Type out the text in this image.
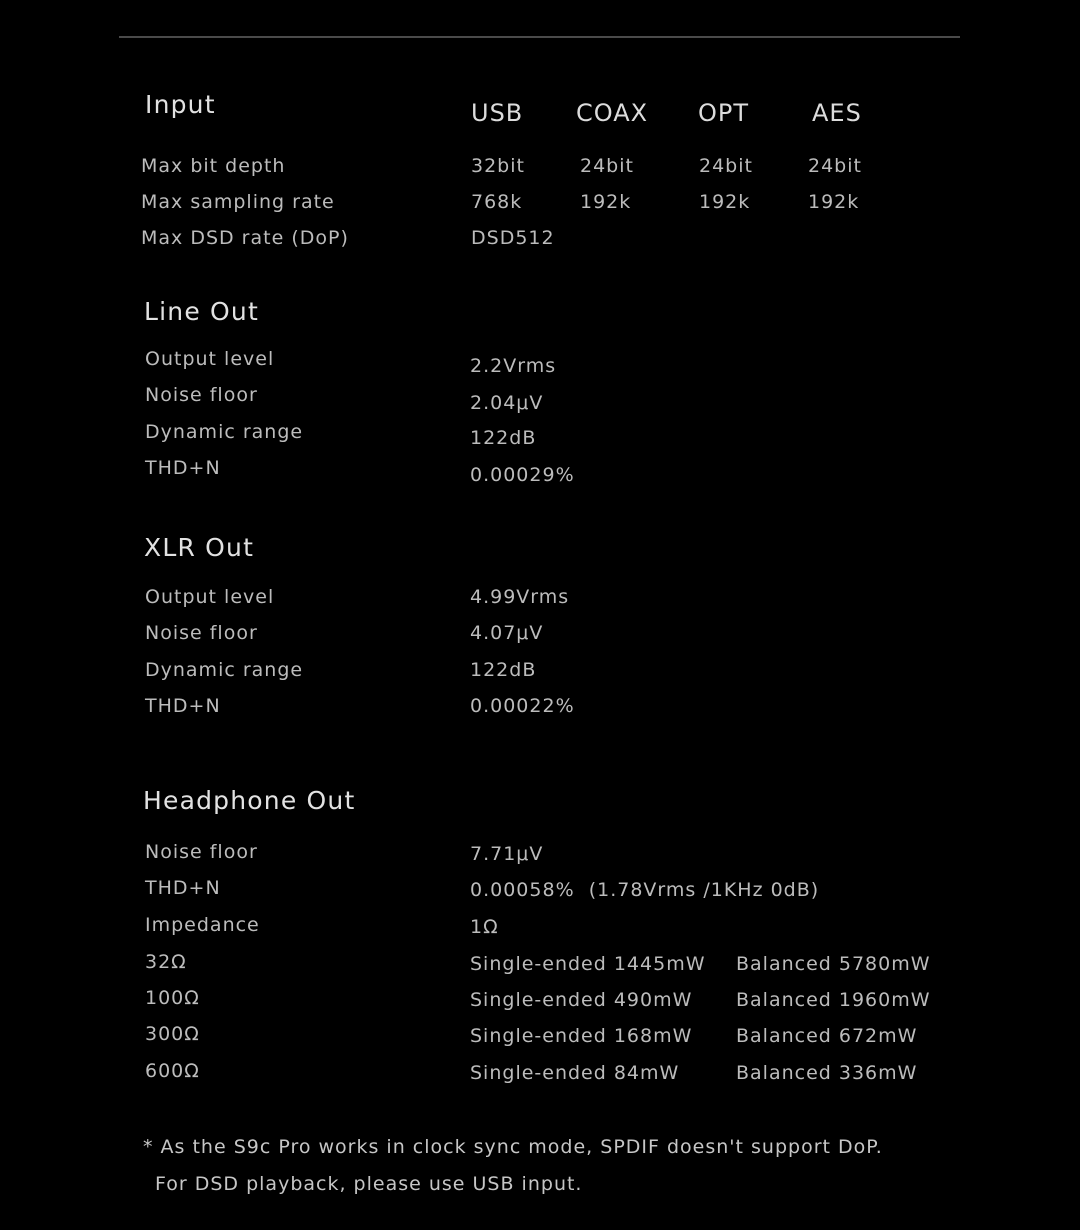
Input	USB COAX OPT	AES
Max bit depth	32bit	24bit	24bit	24bit
Max sampling rate	768k	192k	192k	192k
Max DSD rate (DoP)	DSD512
Line Out
Output level	2.2Vrms
Noise floor	2.04μV
Dynamic range	122dB
THD+N	0.00029%
XLR Out
Output level	4.99Vrms
Noise floor	4.07μV
Dynamic range	122dB
THD+N	0.00022%
Headphone Out
Noise floor	7.71μV
THD+N	0.00058%  (1.78Vrms /1KHz 0dB)
Impedance	1Ω
32Ω	Single-ended 1445mW Balanced 5780mW
100Ω	Single-ended 490mW Balanced 1960mW
300Ω	Single-ended 168mW Balanced 672mW
600Ω	Single-ended 84mW	Balanced 336mW
* As the S9c Pro works in clock sync mode, SPDIF doesn't support DoP.
For DSD playback, please use USB input.
